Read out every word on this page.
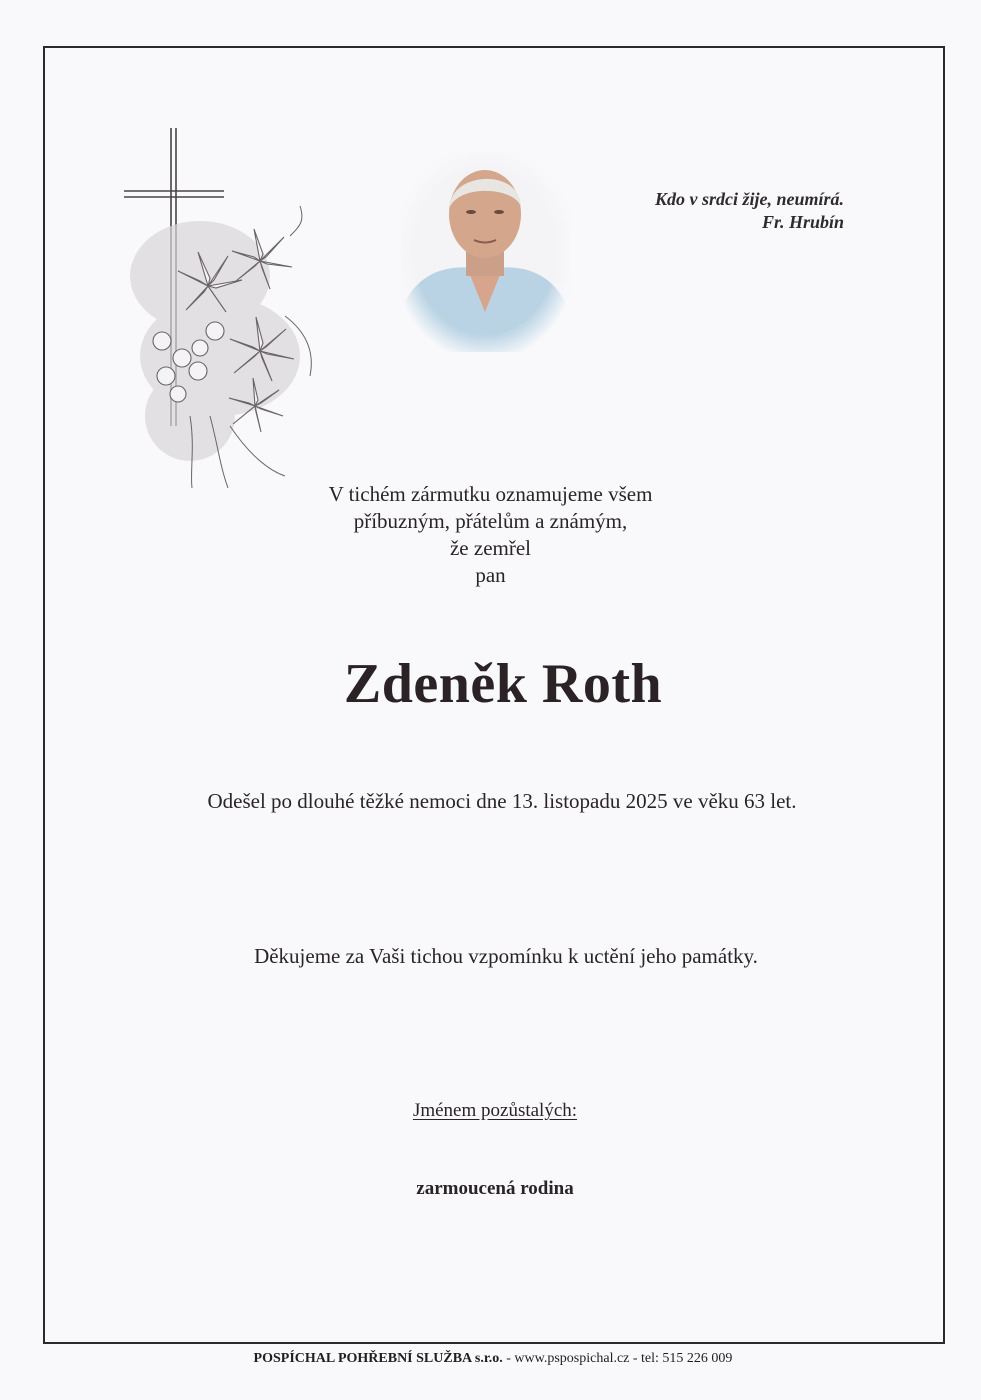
Kdo v srdci žije, neumírá.
Fr. Hrubín
V tichém zármutku oznamujeme všem
příbuzným, přátelům a známým,
že zemřel
pan
Zdeněk Roth
Odešel po dlouhé těžké nemoci dne 13. listopadu 2025 ve věku 63 let.
Děkujeme za Vaši tichou vzpomínku k uctění jeho památky.
Jménem pozůstalých:
zarmoucená rodina
POSPÍCHAL POHŘEBNÍ SLUŽBA s.r.o. - www.pspospichal.cz - tel: 515 226 009
